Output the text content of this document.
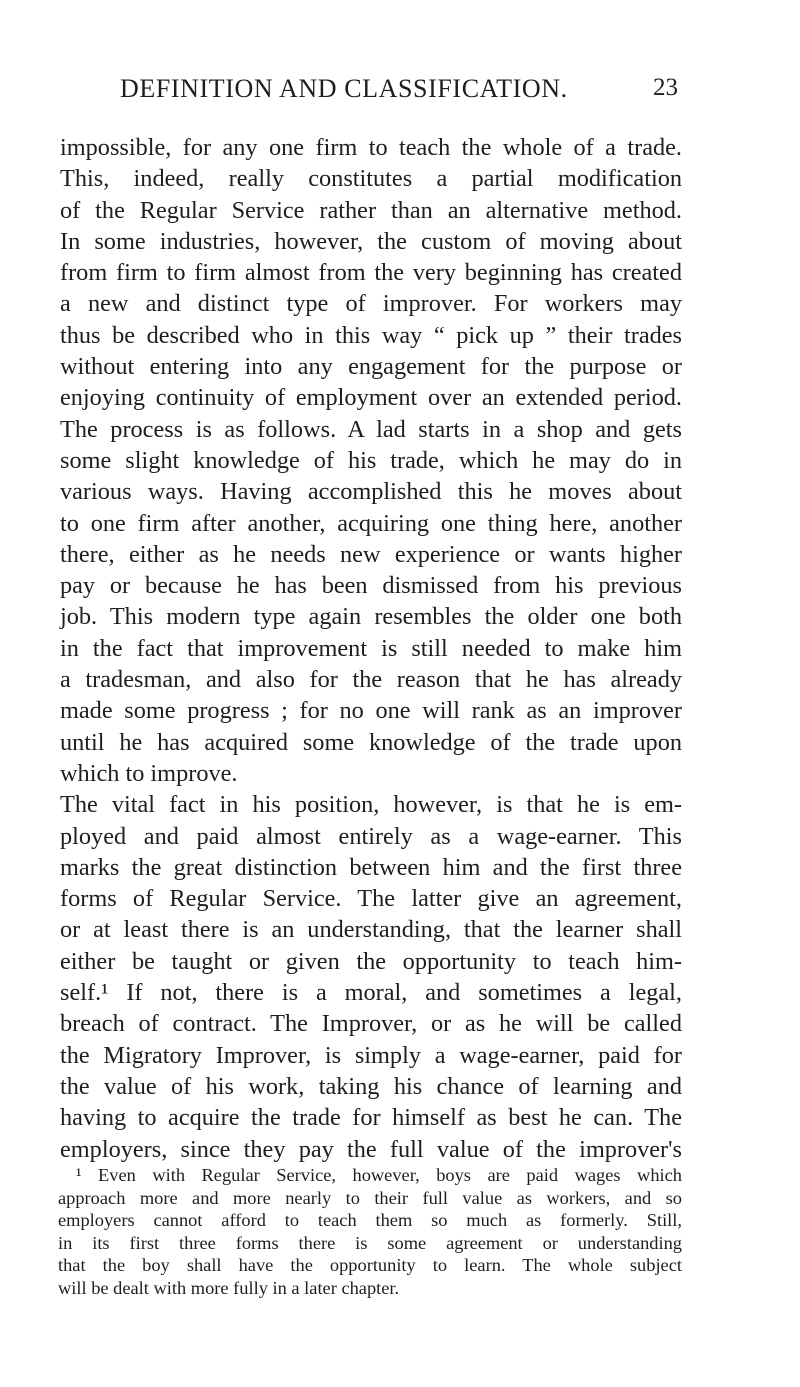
DEFINITION AND CLASSIFICATION.	23
impossible, for any one firm to teach the whole of a trade.
This, indeed, really constitutes a partial modification
of the Regular Service rather than an alternative method.
In some industries, however, the custom of moving about
from firm to firm almost from the very beginning has created
a new and distinct type of improver. For workers may
thus be described who in this way “ pick up ” their trades
without entering into any engagement for the purpose or
enjoying continuity of employment over an extended period.
The process is as follows. A lad starts in a shop and gets
some slight knowledge of his trade, which he may do in
various ways. Having accomplished this he moves about
to one firm after another, acquiring one thing here, another
there, either as he needs new experience or wants higher
pay or because he has been dismissed from his previous
job. This modern type again resembles the older one both
in the fact that improvement is still needed to make him
a tradesman, and also for the reason that he has already
made some progress ; for no one will rank as an improver
until he has acquired some knowledge of the trade upon
which to improve.
The vital fact in his position, however, is that he is em-
ployed and paid almost entirely as a wage-earner. This
marks the great distinction between him and the first three
forms of Regular Service. The latter give an agreement,
or at least there is an understanding, that the learner shall
either be taught or given the opportunity to teach him-
self.¹ If not, there is a moral, and sometimes a legal,
breach of contract. The Improver, or as he will be called
the Migratory Improver, is simply a wage-earner, paid for
the value of his work, taking his chance of learning and
having to acquire the trade for himself as best he can. The
employers, since they pay the full value of the improver's
¹ Even with Regular Service, however, boys are paid wages which
approach more and more nearly to their full value as workers, and so
employers cannot afford to teach them so much as formerly. Still,
in its first three forms there is some agreement or understanding
that the boy shall have the opportunity to learn. The whole subject
will be dealt with more fully in a later chapter.
